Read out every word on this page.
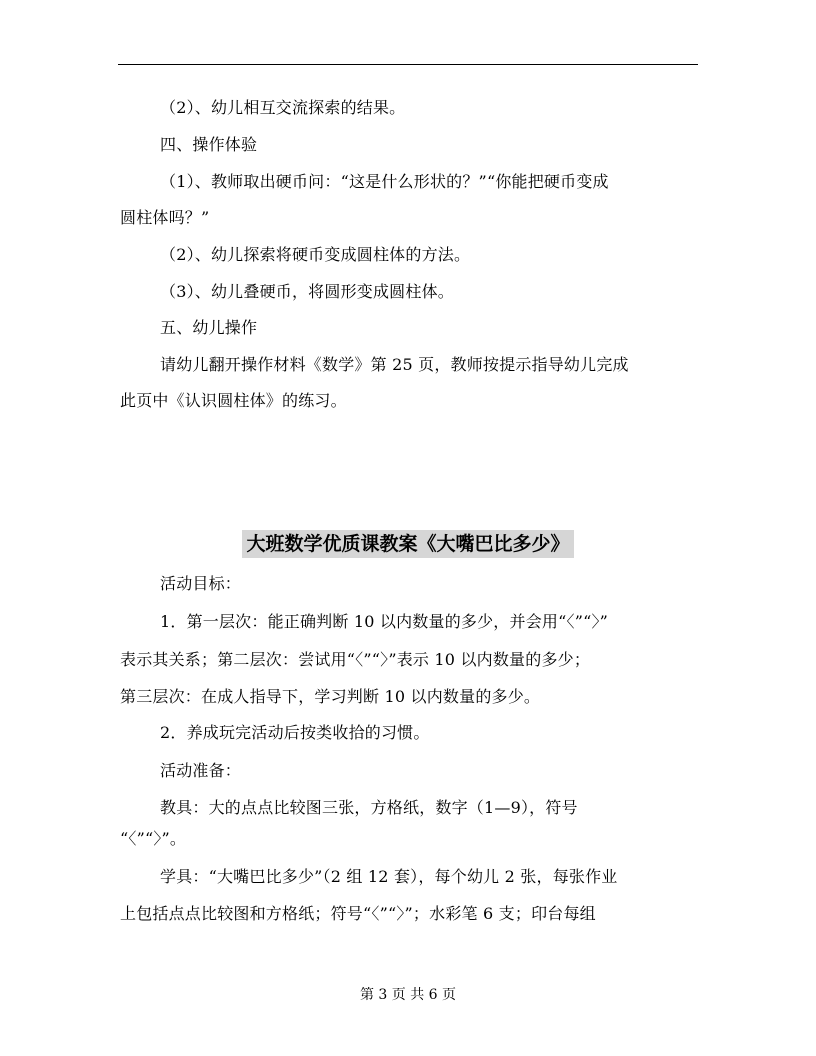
（2）、幼儿相互交流探索的结果。
四、操作体验
（1）、教师取出硬币问：“这是什么形状的？”“你能把硬币变成
圆柱体吗？”
（2）、幼儿探索将硬币变成圆柱体的方法。
（3）、幼儿叠硬币，将圆形变成圆柱体。
五、幼儿操作
请幼儿翻开操作材料《数学》第 25 页，教师按提示指导幼儿完成
此页中《认识圆柱体》的练习。
大班数学优质课教案《大嘴巴比多少》
活动目标：
1．第一层次：能正确判断 10 以内数量的多少，并会用“〈”“〉”
表示其关系；第二层次：尝试用“〈”“〉”表示 10 以内数量的多少；
第三层次：在成人指导下，学习判断 10 以内数量的多少。
2．养成玩完活动后按类收拾的习惯。
活动准备：
教具：大的点点比较图三张，方格纸，数字（1—9），符号
“〈”“〉”。
学具：“大嘴巴比多少”（2 组 12 套），每个幼儿 2 张，每张作业
上包括点点比较图和方格纸；符号“〈”“〉”；水彩笔 6 支；印台每组
第 3 页 共 6 页
